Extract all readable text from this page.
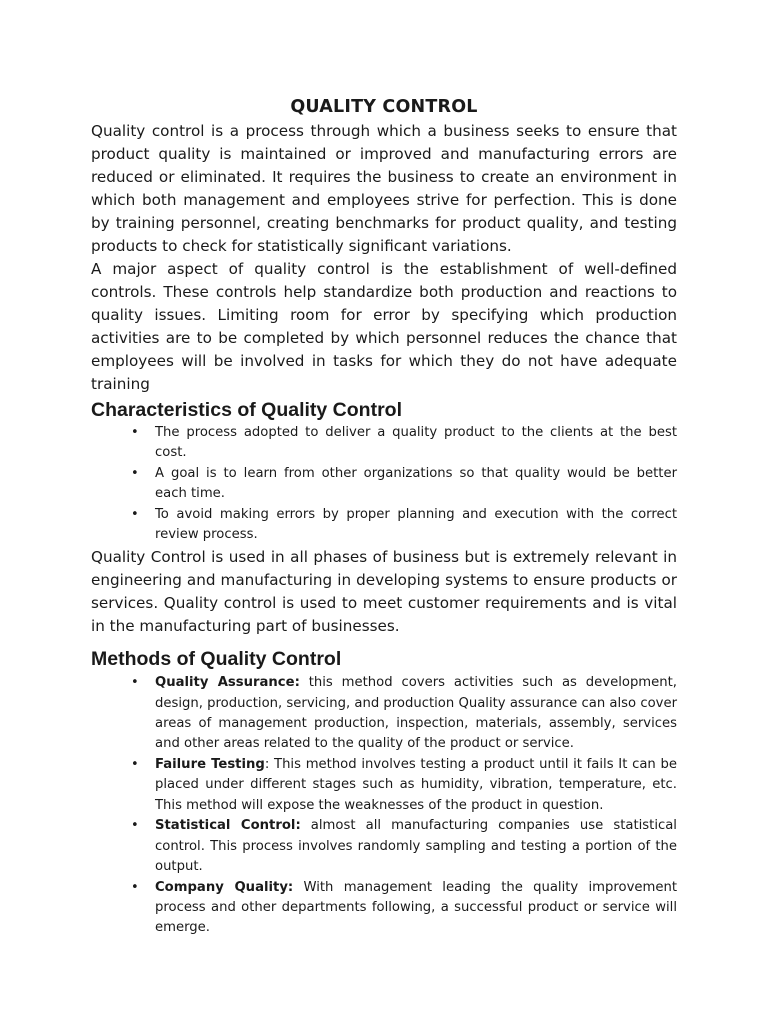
QUALITY CONTROL

Quality control is a process through which a business seeks to ensure that product quality is maintained or improved and manufacturing errors are reduced or eliminated. It requires the business to create an environment in which both management and employees strive for perfection. This is done by training personnel, creating benchmarks for product quality, and testing products to check for statistically significant variations.

A major aspect of quality control is the establishment of well-defined controls. These controls help standardize both production and reactions to quality issues. Limiting room for error by specifying which production activities are to be completed by which personnel reduces the chance that employees will be involved in tasks for which they do not have adequate training

Characteristics of Quality Control
• The process adopted to deliver a quality product to the clients at the best cost.
• A goal is to learn from other organizations so that quality would be better each time.
• To avoid making errors by proper planning and execution with the correct review process.

Quality Control is used in all phases of business but is extremely relevant in engineering and manufacturing in developing systems to ensure products or services. Quality control is used to meet customer requirements and is vital in the manufacturing part of businesses.

Methods of Quality Control
• Quality Assurance: this method covers activities such as development, design, production, servicing, and production Quality assurance can also cover areas of management production, inspection, materials, assembly, services and other areas related to the quality of the product or service.
• Failure Testing: This method involves testing a product until it fails It can be placed under different stages such as humidity, vibration, temperature, etc. This method will expose the weaknesses of the product in question.
• Statistical Control: almost all manufacturing companies use statistical control. This process involves randomly sampling and testing a portion of the output.
• Company Quality: With management leading the quality improvement process and other departments following, a successful product or service will emerge.
